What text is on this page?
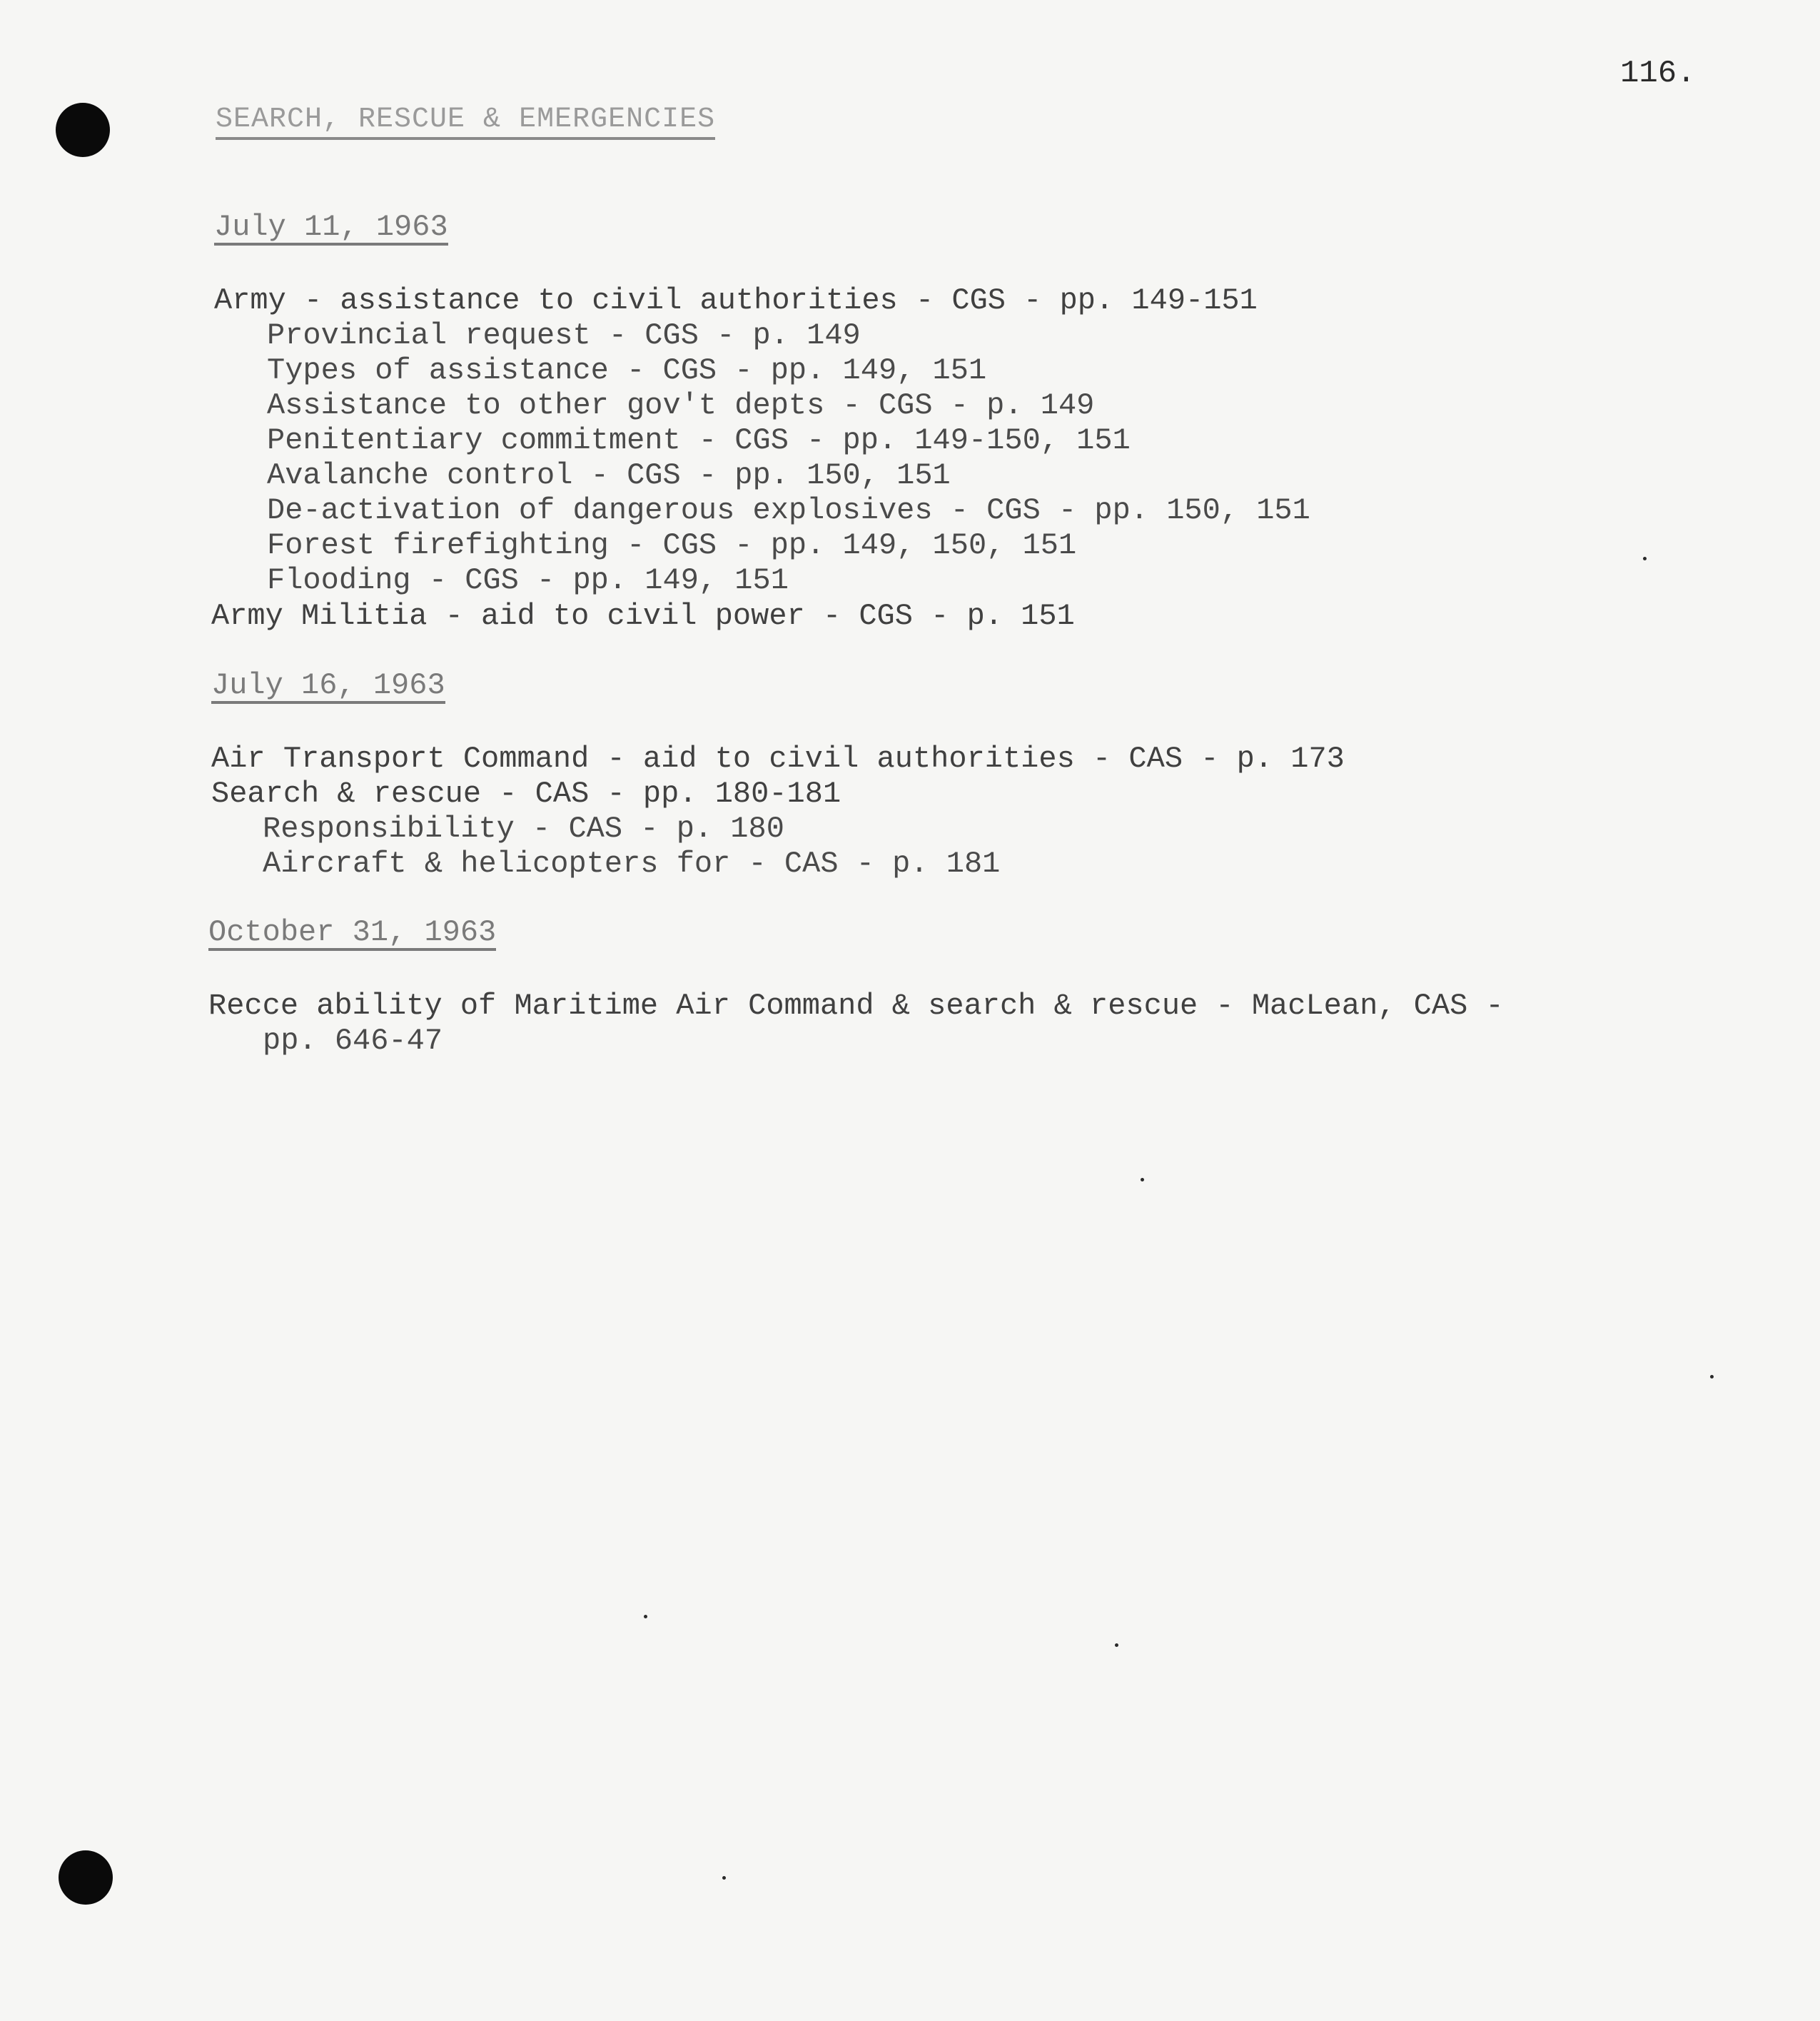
116.
SEARCH, RESCUE & EMERGENCIES
July 11, 1963
Army - assistance to civil authorities - CGS - pp. 149-151
Provincial request - CGS - p. 149
Types of assistance - CGS - pp. 149, 151
Assistance to other gov't depts - CGS - p. 149
Penitentiary commitment - CGS - pp. 149-150, 151
Avalanche control - CGS - pp. 150, 151
De-activation of dangerous explosives - CGS - pp. 150, 151
Forest firefighting - CGS - pp. 149, 150, 151
Flooding - CGS - pp. 149, 151
Army Militia - aid to civil power - CGS - p. 151
July 16, 1963
Air Transport Command - aid to civil authorities - CAS - p. 173
Search & rescue - CAS - pp. 180-181
Responsibility - CAS - p. 180
Aircraft & helicopters for - CAS - p. 181
October 31, 1963
Recce ability of Maritime Air Command & search & rescue - MacLean, CAS -
pp. 646-47
